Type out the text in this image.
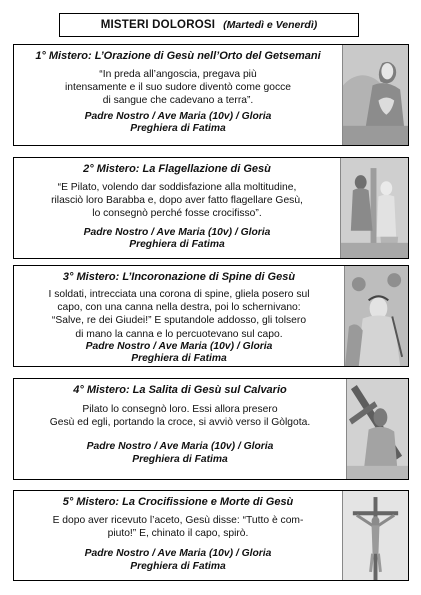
MISTERI DOLOROSI (Martedì e Venerdì)
1° Mistero: L’Orazione di Gesù nell’Orto del Getsemani
“In preda all’angoscia, pregava più
intensamente e il suo sudore diventò come gocce
di sangue che cadevano a terra”.
Padre Nostro / Ave Maria (10v) / Gloria
Preghiera di Fatima
2° Mistero: La Flagellazione di Gesù
“E Pilato, volendo dar soddisfazione alla moltitudine,
rilasciò loro Barabba e, dopo aver fatto flagellare Gesù,
lo consegnò perché fosse crocifisso”.
Padre Nostro / Ave Maria (10v) / Gloria
Preghiera di Fatima
3° Mistero: L’Incoronazione di Spine di Gesù
I soldati, intrecciata una corona di spine, gliela posero sul
capo, con una canna nella destra, poi lo schernivano:
“Salve, re dei Giudei!” E sputandole addosso, gli tolsero
di mano la canna e lo percuotevano sul capo.
Padre Nostro / Ave Maria (10v) / Gloria
Preghiera di Fatima
4° Mistero: La Salita di Gesù sul Calvario
Pilato lo consegnò loro. Essi allora presero
Gesù ed egli, portando la croce, si avviò verso il Gòlgota.
Padre Nostro / Ave Maria (10v) / Gloria
Preghiera di Fatima
5° Mistero: La Crocifissione e Morte di Gesù
E dopo aver ricevuto l’aceto, Gesù disse: “Tutto è com-
piuto!” E, chinato il capo, spirò.
Padre Nostro / Ave Maria (10v) / Gloria
Preghiera di Fatima
